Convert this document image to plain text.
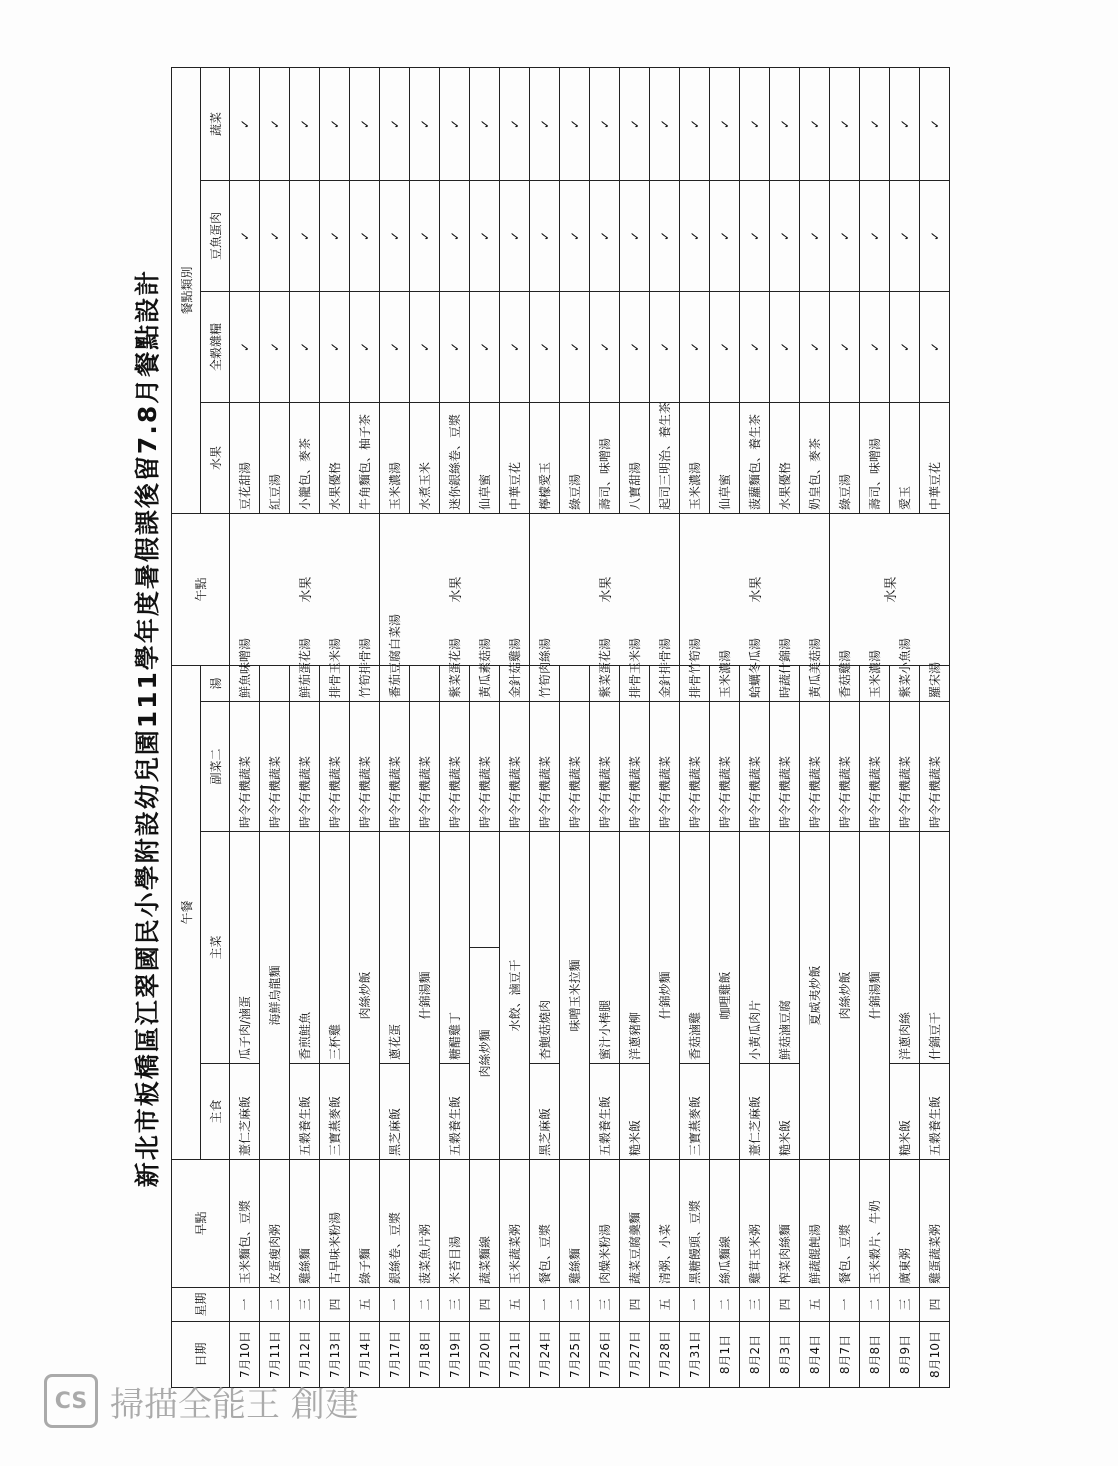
新北市板橋區江翠國民小學附設幼兒園111學年度暑假課後留7.8月餐點設計
日期	星期	早點	午餐					午點	餐點類別				
			主食	主菜		副菜二	湯		水果	全穀雜糧	豆魚蛋肉	蔬菜	
7月10日	一	玉米麵包、豆漿	薏仁芝麻飯	瓜子肉/滷蛋		時令有機蔬菜	鮮魚味噌湯	水果	豆花甜湯	✓	✓	✓	
7月11日	二	皮蛋瘦肉粥	海鮮烏龍麵			時令有機蔬菜			紅豆湯	✓	✓	✓	
7月12日	三	雞絲麵	五穀養生飯	香煎鮭魚		時令有機蔬菜	鮮茄蛋花湯		小籠包、麥茶	✓	✓	✓	
7月13日	四	古早味米粉湯	三寶燕麥飯	三杯雞		時令有機蔬菜	排骨玉米湯		水果優格	✓	✓	✓	
7月14日	五	綠子麵	肉絲炒飯			時令有機蔬菜	竹筍排骨湯		牛角麵包、柚子茶	✓	✓	✓	
7月17日	一	銀絲卷、豆漿	黑芝麻飯	蔥花蛋		時令有機蔬菜	番茄豆腐白菜湯	水果	玉米濃湯	✓	✓	✓	
7月18日	二	菠菜魚片粥	什錦湯麵			時令有機蔬菜			水煮玉米	✓	✓	✓	
7月19日	三	米苔目湯	五穀養生飯	糖醋雞丁		時令有機蔬菜	紫菜蛋花湯		迷你銀絲卷、豆漿	✓	✓	✓	
7月20日	四	蔬菜麵線	肉絲炒麵			時令有機蔬菜	黃瓜素菇湯		仙草蜜	✓	✓	✓	
7月21日	五	玉米蔬菜粥	水餃、滷豆干			時令有機蔬菜	金針菇雞湯		中華豆花	✓	✓	✓	
7月24日	一	餐包、豆漿	黑芝麻飯	杏鮑菇燒肉		時令有機蔬菜	竹筍肉絲湯	水果	檸檬愛玉	✓	✓	✓	
7月25日	二	雞絲麵	味噌玉米拉麵			時令有機蔬菜			綠豆湯	✓	✓	✓	
7月26日	三	肉燥米粉湯	五穀養生飯	蜜汁小棒腿		時令有機蔬菜	紫菜蛋花湯		壽司、味噌湯	✓	✓	✓	
7月27日	四	蔬菜豆腐羹麵	糙米飯	洋蔥豬柳		時令有機蔬菜	排骨玉米湯		八寶甜湯	✓	✓	✓	
7月28日	五	清粥、小菜	什錦炒麵			時令有機蔬菜	金針排骨湯		起司三明治、養生茶	✓	✓	✓	
7月31日	一	黑糖饅頭、豆漿	三寶燕麥飯	香菇滷雞		時令有機蔬菜	排骨竹筍湯	水果	玉米濃湯	✓	✓	✓	
8月1日	二	絲瓜麵線	咖哩雞飯			時令有機蔬菜	玉米濃湯		仙草蜜	✓	✓	✓	
8月2日	三	雞茸玉米粥	薏仁芝麻飯	小黃瓜肉片		時令有機蔬菜	蛤蠣冬瓜湯		菠蘿麵包、養生茶	✓	✓	✓	
8月3日	四	榨菜肉絲麵	糙米飯	鮮菇滷豆腐		時令有機蔬菜	時蔬什錦湯		水果優格	✓	✓	✓	
8月4日	五	鮮蔬餛飩湯	夏威夷炒飯			時令有機蔬菜	黃瓜美菇湯		奶皇包、麥茶	✓	✓	✓	
8月7日	一	餐包、豆漿	肉絲炒飯			時令有機蔬菜	香菇雞湯	水果	綠豆湯	✓	✓	✓	
8月8日	二	玉米穀片、牛奶	什錦湯麵			時令有機蔬菜	玉米濃湯		壽司、味噌湯	✓	✓	✓	
8月9日	三	廣東粥	糙米飯	洋蔥肉絲		時令有機蔬菜	紫菜小魚湯		愛玉	✓	✓	✓	
8月10日	四	雞蛋蔬菜粥	五穀養生飯	什錦豆干		時令有機蔬菜	羅宋湯		中華豆花	✓	✓	✓	
CS 掃描全能王 創建
